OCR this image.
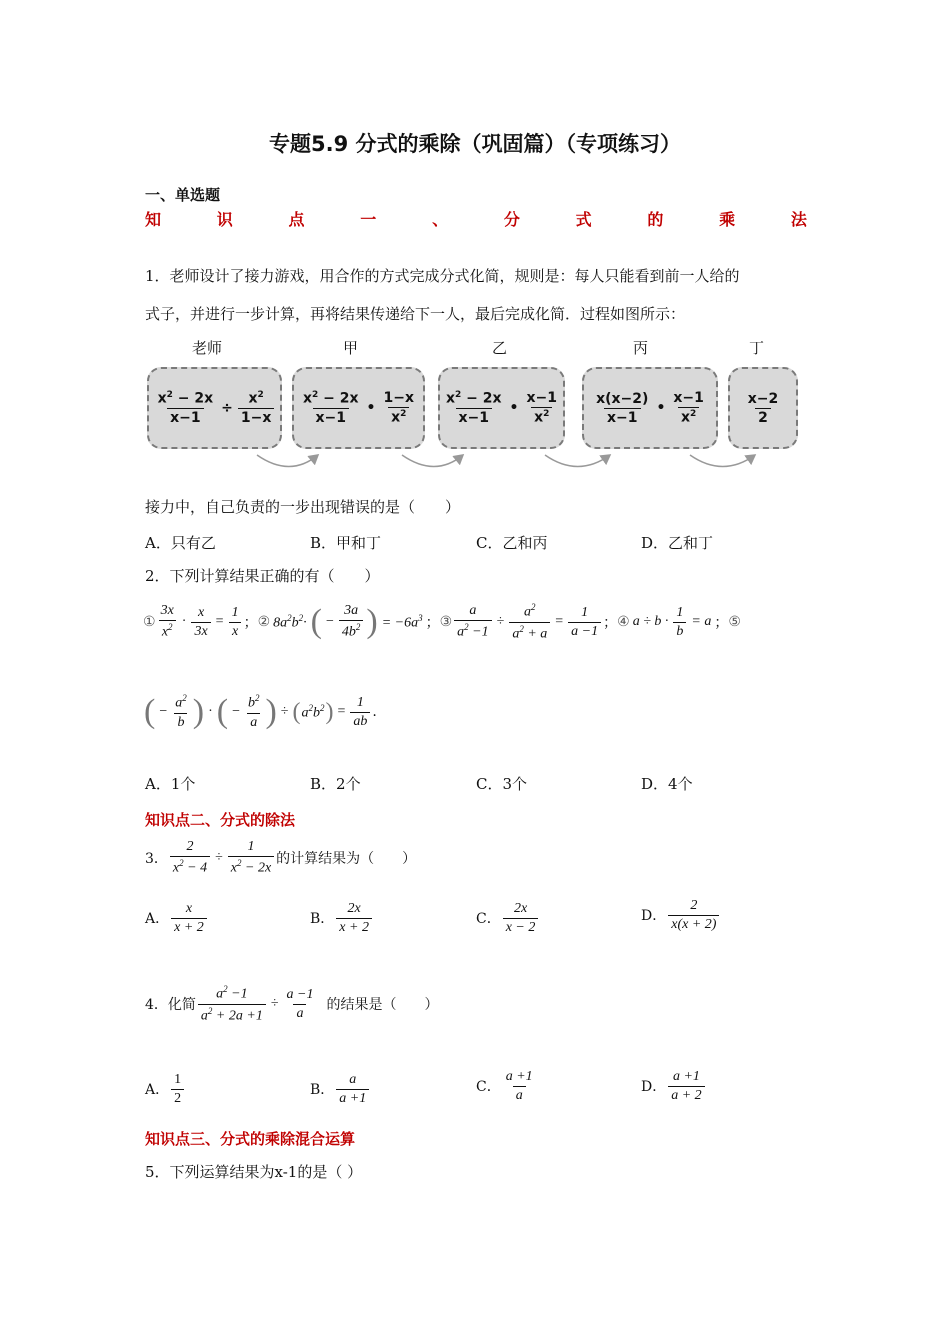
专题5.9 分式的乘除（巩固篇）（专项练习）
一、单选题
知	识	点	一	、	分	式	的	乘	法
1．老师设计了接力游戏，用合作的方式完成分式化简，规则是：每人只能看到前一人给的
式子，并进行一步计算，再将结果传递给下一人，最后完成化简．过程如图所示：
老师	甲	乙	丙	丁
$\frac{x^2 - 2x}{x-1} \div \frac{x^2}{1-x} \frac{x^2 - 2x}{x-1}$ • $\frac{1-x}{x^2} \frac{x^2 - 2x}{x-1}$ • $\frac{x-1}{x^2} \frac{x(x-2)}{x-1}$ • $\frac{x-1}{x^2}$	$\frac{x-2}{2}$
接力中，自己负责的一步出现错误的是（　　）
A．只有乙	B．甲和丁	C．乙和丙	D．乙和丁
2．下列计算结果正确的有（　　）
① $\frac{3x}{x^2} \cdot \frac{x}{3x} = \frac{1}{x}$ ； ② $8a^2b^2\cdot$ ( − $\frac{3a}{4b^2}$ ) = $-6a^3$ ； ③ $\frac{a}{a^2 -1} \div \frac{a^2}{a^2 + a} = \frac{1}{a -1}$ ； ④ $a \div b \cdot \frac{1}{b} = a$ ； ⑤
( − $\frac{a^2}{b}$ ) · ( − $\frac{b^2}{a}$ ) ÷ ( $a^2b^2$ ) = $\frac{1}{ab}$ .
A．1个	B．2个	C．3个	D．4个
知识点二、分式的除法
3． $\frac{2}{x^2 - 4} \div \frac{1}{x^2 - 2x}$ 的计算结果为（　　）
A． $\frac{x}{x + 2}$	B． $\frac{2x}{x + 2}$	C． $\frac{2x}{x - 2}$	D． $\frac{2}{x(x + 2)}$
4．化简 $\frac{a^2 -1}{a^2 + 2a +1} \div \frac{a -1}{a}$ 的结果是（　　）
A． $\frac{1}{2}$	B． $\frac{a}{a +1}$	C． $\frac{a +1}{a}$	D． $\frac{a +1}{a + 2}$
知识点三、分式的乘除混合运算
5．下列运算结果为x-1的是（ ）
